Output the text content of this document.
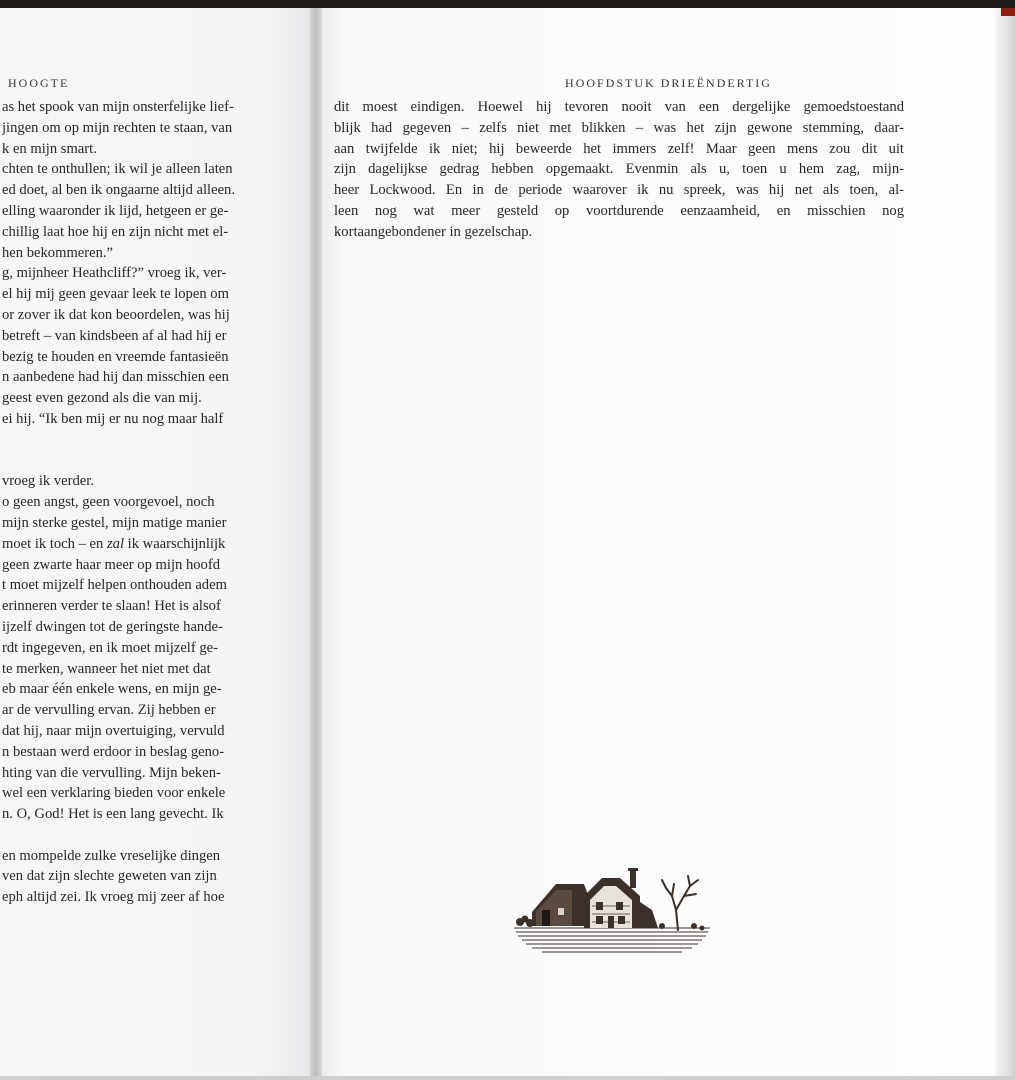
HOOGTE
as het spook van mijn onsterfelijke lief-
jingen om op mijn rechten te staan, van
k en mijn smart.
chten te onthullen; ik wil je alleen laten
ed doet, al ben ik ongaarne altijd alleen.
elling waaronder ik lijd, hetgeen er ge-
chillig laat hoe hij en zijn nicht met el-
hen bekommeren.”
g, mijnheer Heathcliff?” vroeg ik, ver-
el hij mij geen gevaar leek te lopen om
or zover ik dat kon beoordelen, was hij
betreft – van kindsbeen af al had hij er
bezig te houden en vreemde fantasieën
n aanbedene had hij dan misschien een
geest even gezond als die van mij.
ei hij. “Ik ben mij er nu nog maar half
vroeg ik verder.
o geen angst, geen voorgevoel, noch
mijn sterke gestel, mijn matige manier
moet ik toch – en zal ik waarschijnlijk
geen zwarte haar meer op mijn hoofd
t moet mijzelf helpen onthouden adem
erinneren verder te slaan! Het is alsof
ijzelf dwingen tot de geringste hande-
rdt ingegeven, en ik moet mijzelf ge-
te merken, wanneer het niet met dat
eb maar één enkele wens, en mijn ge-
ar de vervulling ervan. Zij hebben er
dat hij, naar mijn overtuiging, vervuld
n bestaan werd erdoor in beslag geno-
hting van die vervulling. Mijn beken-
wel een verklaring bieden voor enkele
n. O, God! Het is een lang gevecht. Ik
en mompelde zulke vreselijke dingen
ven dat zijn slechte geweten van zijn
eph altijd zei. Ik vroeg mij zeer af hoe
HOOFDSTUK DRIEËNDERTIG
dit moest eindigen. Hoewel hij tevoren nooit van een dergelijke gemoedstoestand
blijk had gegeven – zelfs niet met blikken – was het zijn gewone stemming, daar-
aan twijfelde ik niet; hij beweerde het immers zelf! Maar geen mens zou dit uit
zijn dagelijkse gedrag hebben opgemaakt. Evenmin als u, toen u hem zag, mijn-
heer Lockwood. En in de periode waarover ik nu spreek, was hij net als toen, al-
leen nog wat meer gesteld op voortdurende eenzaamheid, en misschien nog
kortaangebondener in gezelschap.
